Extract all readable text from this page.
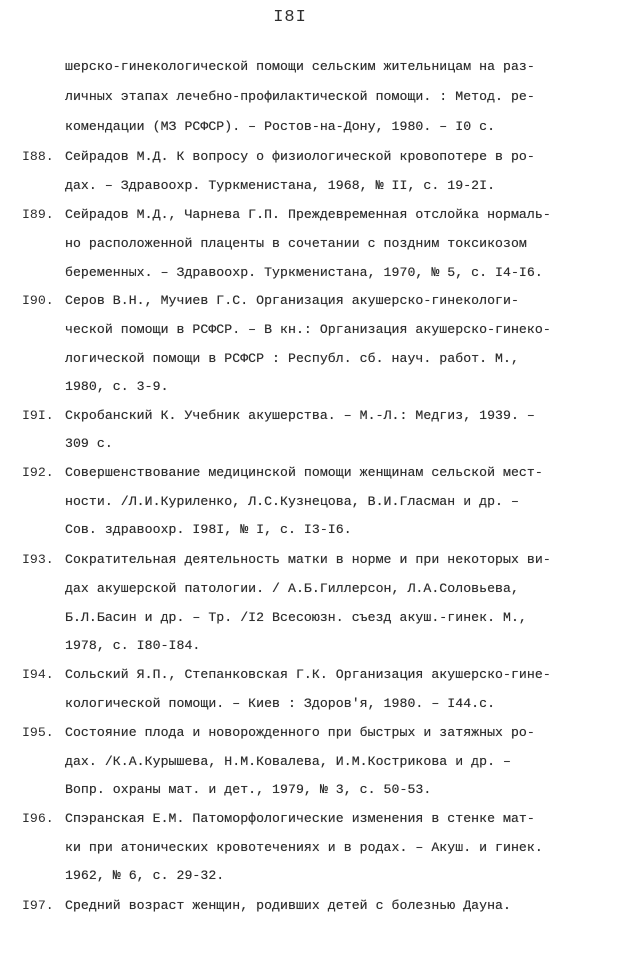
I8I
шерско-гинекологической помощи сельским жительницам на раз-
личных этапах лечебно-профилактической помощи. : Метод. ре-
комендации (МЗ РСФСР). – Ростов-на-Дону, 1980. – I0 с.
I88. Сейрадов М.Д. К вопросу о физиологической кровопотере в ро-
дах. – Здравоохр. Туркменистана, 1968, № II, с. 19-2I.
I89. Сейрадов М.Д., Чарнева Г.П. Преждевременная отслойка нормаль-
но расположенной плаценты в сочетании с поздним токсикозом
беременных. – Здравоохр. Туркменистана, 1970, № 5, с. I4-I6.
I90. Серов В.Н., Мучиев Г.С. Организация акушерско-гинекологи-
ческой помощи в РСФСР. – В кн.: Организация акушерско-гинеко-
логической помощи в РСФСР : Республ. сб. науч. работ. М.,
1980, с. 3-9.
I9I. Скробанский К. Учебник акушерства. – М.-Л.: Медгиз, 1939. –
309 с.
I92. Совершенствование медицинской помощи женщинам сельской мест-
ности. /Л.И.Куриленко, Л.С.Кузнецова, В.И.Гласман и др. –
Сов. здравоохр. I98I, № I, с. I3-I6.
I93. Сократительная деятельность матки в норме и при некоторых ви-
дах акушерской патологии. / А.Б.Гиллерсон, Л.А.Соловьева,
Б.Л.Басин и др. – Тр. /I2 Всесоюзн. съезд акуш.-гинек. М.,
1978, с. I80-I84.
I94. Сольский Я.П., Степанковская Г.К. Организация акушерско-гине-
кологической помощи. – Киев : Здоров'я, 1980. – I44.с.
I95. Состояние плода и новорожденного при быстрых и затяжных ро-
дах. /К.А.Курышева, Н.М.Ковалева, И.М.Кострикова и др. –
Вопр. охраны мат. и дет., 1979, № 3, с. 50-53.
I96. Спэранская Е.М. Патоморфологические изменения в стенке мат-
ки при атонических кровотечениях и в родах. – Акуш. и гинек.
1962, № 6, с. 29-32.
I97. Средний возраст женщин, родивших детей с болезнью Дауна.
